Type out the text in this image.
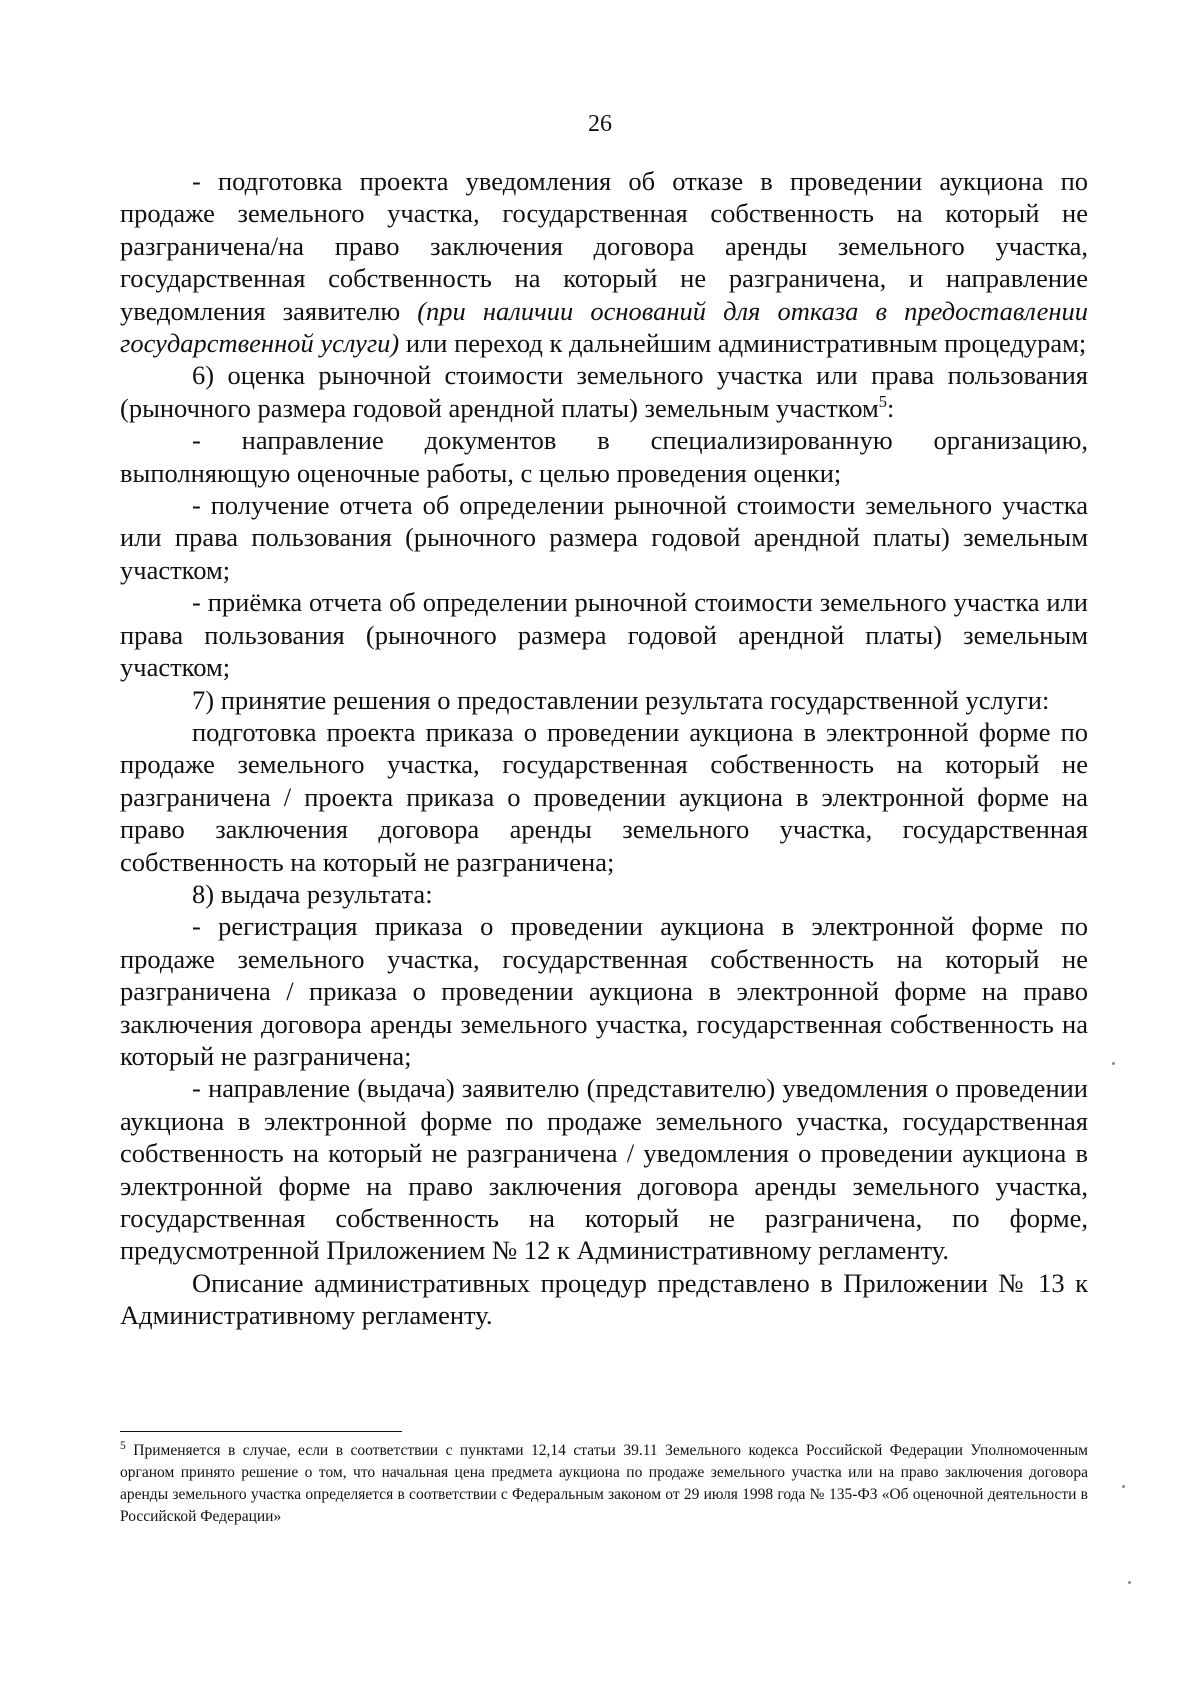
26

- подготовка проекта уведомления об отказе в проведении аукциона по продаже земельного участка, государственная собственность на который не разграничена/на право заключения договора аренды земельного участка, государственная собственность на который не разграничена, и направление уведомления заявителю (при наличии оснований для отказа в предоставлении государственной услуги) или переход к дальнейшим административным процедурам;

6) оценка рыночной стоимости земельного участка или права пользования (рыночного размера годовой арендной платы) земельным участком$^5$:

- направление документов в специализированную организацию, выполняющую оценочные работы, с целью проведения оценки;

- получение отчета об определении рыночной стоимости земельного участка или права пользования (рыночного размера годовой арендной платы) земельным участком;

- приёмка отчета об определении рыночной стоимости земельного участка или права пользования (рыночного размера годовой арендной платы) земельным участком;

7) принятие решения о предоставлении результата государственной услуги:

подготовка проекта приказа о проведении аукциона в электронной форме по продаже земельного участка, государственная собственность на который не разграничена / проекта приказа о проведении аукциона в электронной форме на право заключения договора аренды земельного участка, государственная собственность на который не разграничена;

8) выдача результата:

- регистрация приказа о проведении аукциона в электронной форме по продаже земельного участка, государственная собственность на который не разграничена / приказа о проведении аукциона в электронной форме на право заключения договора аренды земельного участка, государственная собственность на который не разграничена;

- направление (выдача) заявителю (представителю) уведомления о проведении аукциона в электронной форме по продаже земельного участка, государственная собственность на который не разграничена / уведомления о проведении аукциона в электронной форме на право заключения договора аренды земельного участка, государственная собственность на который не разграничена, по форме, предусмотренной Приложением № 12 к Административному регламенту.

Описание административных процедур представлено в Приложении № 13 к Административному регламенту.

$^5$ Применяется в случае, если в соответствии с пунктами 12,14 статьи 39.11 Земельного кодекса Российской Федерации Уполномоченным органом принято решение о том, что начальная цена предмета аукциона по продаже земельного участка или на право заключения договора аренды земельного участка определяется в соответствии с Федеральным законом от 29 июля 1998 года № 135-ФЗ «Об оценочной деятельности в Российской Федерации»
